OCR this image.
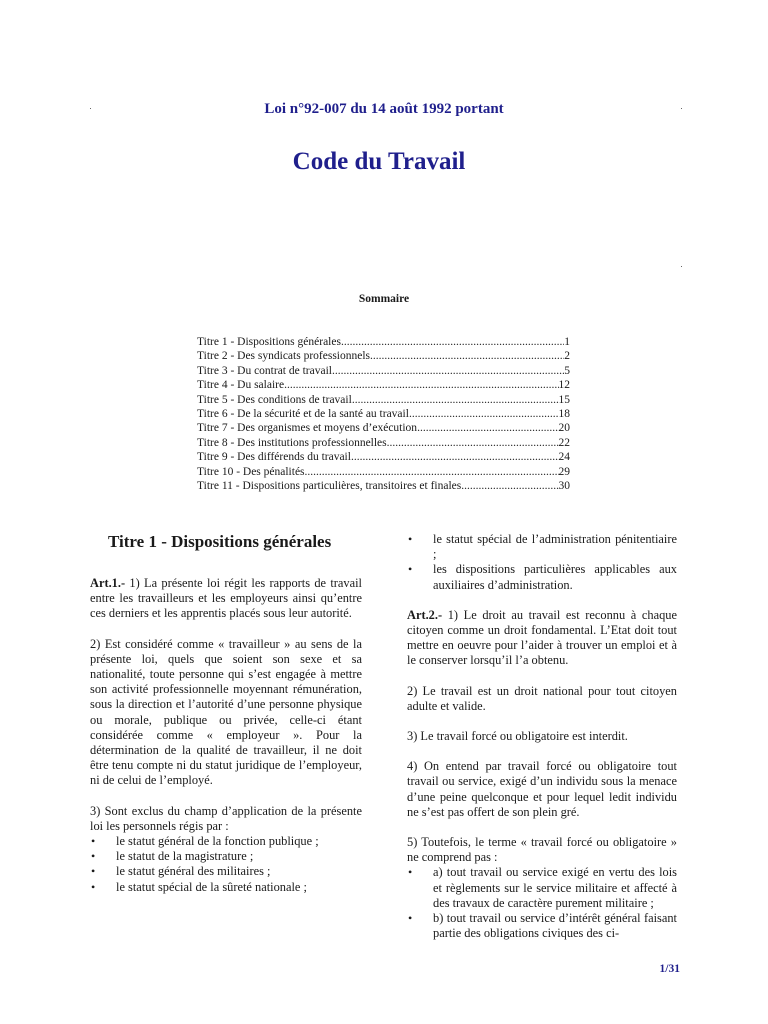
Loi n°92-007 du 14 août 1992 portant
Code du Travail
Sommaire
Titre 1 - Dispositions générales .....	1
Titre 2 - Des syndicats professionnels .....	2
Titre 3 - Du contrat de travail .....	5
Titre 4 - Du salaire .....	12
Titre 5 - Des conditions de travail .....	15
Titre 6 - De la sécurité et de la santé au travail .....	18
Titre 7 - Des organismes et moyens d’exécution .....	20
Titre 8 - Des institutions professionnelles .....	22
Titre 9 - Des différends du travail .....	24
Titre 10 - Des pénalités .....	29
Titre 11 - Dispositions particulières, transitoires et finales .....	30
Titre 1 - Dispositions générales

Art.1.- 1) La présente loi régit les rapports de travail entre les travailleurs et les employeurs ainsi qu’entre ces derniers et les apprentis placés sous leur autorité.

2) Est considéré comme « travailleur » au sens de la présente loi, quels que soient son sexe et sa nationalité, toute personne qui s’est engagée à mettre son activité professionnelle moyennant rémunération, sous la direction et l’autorité d’une personne physique ou morale, publique ou privée, celle-ci étant considérée comme « employeur ». Pour la détermination de la qualité de travailleur, il ne doit être tenu compte ni du statut juridique de l’employeur, ni de celui de l’employé.

3) Sont exclus du champ d’application de la présente loi les personnels régis par :

• le statut général de la fonction publique ;
• le statut de la magistrature ;
• le statut général des militaires ;
• le statut spécial de la sûreté nationale ;
• le statut spécial de l’administration pénitentiaire ;
• les dispositions particulières applicables aux auxiliaires d’administration.

Art.2.- 1) Le droit au travail est reconnu à chaque citoyen comme un droit fondamental. L’Etat doit tout mettre en oeuvre pour l’aider à trouver un emploi et à le conserver lorsqu’il l’a obtenu.

2) Le travail est un droit national pour tout citoyen adulte et valide.

3) Le travail forcé ou obligatoire est interdit.

4) On entend par travail forcé ou obligatoire tout travail ou service, exigé d’un individu sous la menace d’une peine quelconque et pour lequel ledit individu ne s’est pas offert de son plein gré.

5) Toutefois, le terme « travail forcé ou obligatoire » ne comprend pas :

• a) tout travail ou service exigé en vertu des lois et règlements sur le service militaire et affecté à des travaux de caractère purement militaire ;
• b) tout travail ou service d’intérêt général faisant partie des obligations civiques des ci-
1/31
